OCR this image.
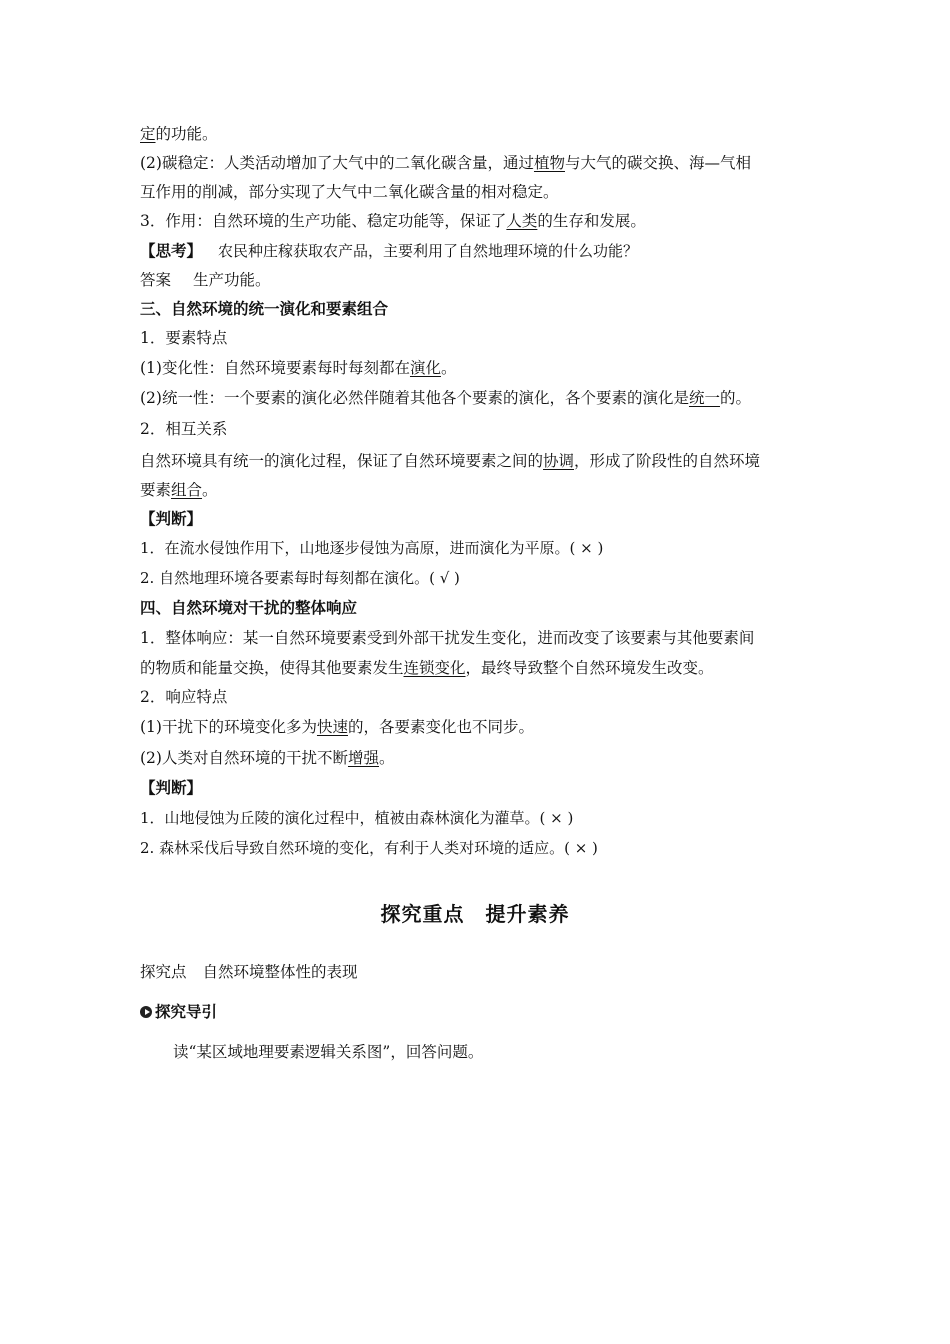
定的功能。
(2)碳稳定：人类活动增加了大气中的二氧化碳含量，通过植物与大气的碳交换、海—气相
互作用的削减，部分实现了大气中二氧化碳含量的相对稳定。
3．作用：自然环境的生产功能、稳定功能等，保证了人类的生存和发展。
【思考】 农民种庄稼获取农产品，主要利用了自然地理环境的什么功能？
答案 生产功能。
三、自然环境的统一演化和要素组合
1．要素特点
(1)变化性：自然环境要素每时每刻都在演化。
(2)统一性：一个要素的演化必然伴随着其他各个要素的演化，各个要素的演化是统一的。
2．相互关系
自然环境具有统一的演化过程，保证了自然环境要素之间的协调，形成了阶段性的自然环境
要素组合。
【判断】
1．在流水侵蚀作用下，山地逐步侵蚀为高原，进而演化为平原。( × )
2. 自然地理环境各要素每时每刻都在演化。( √ )
四、自然环境对干扰的整体响应
1．整体响应：某一自然环境要素受到外部干扰发生变化，进而改变了该要素与其他要素间
的物质和能量交换，使得其他要素发生连锁变化，最终导致整个自然环境发生改变。
2．响应特点
(1)干扰下的环境变化多为快速的，各要素变化也不同步。
(2)人类对自然环境的干扰不断增强。
【判断】
1．山地侵蚀为丘陵的演化过程中，植被由森林演化为灌草。( × )
2. 森林采伐后导致自然环境的变化，有利于人类对环境的适应。( × )
探究重点　提升素养
探究点 自然环境整体性的表现
探究导引
读“某区域地理要素逻辑关系图”，回答问题。
